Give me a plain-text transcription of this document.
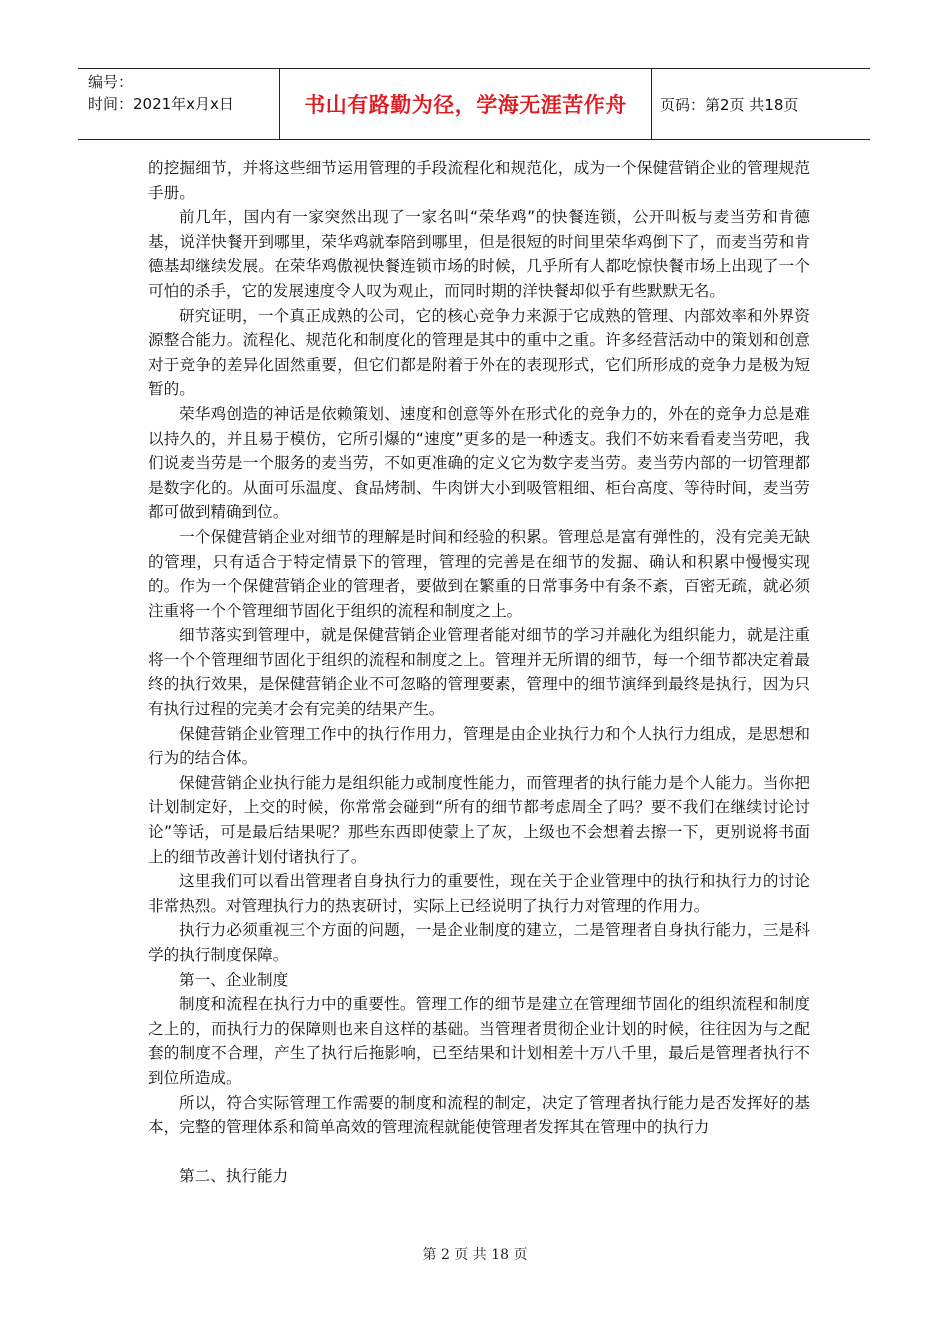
编号：
时间：2021年x月x日	书山有路勤为径，学海无涯苦作舟	页码：第2页 共18页

的挖掘细节，并将这些细节运用管理的手段流程化和规范化，成为一个保健营销企业的管理规范手册。

前几年，国内有一家突然出现了一家名叫“荣华鸡”的快餐连锁，公开叫板与麦当劳和肯德基，说洋快餐开到哪里，荣华鸡就奉陪到哪里，但是很短的时间里荣华鸡倒下了，而麦当劳和肯德基却继续发展。在荣华鸡傲视快餐连锁市场的时候，几乎所有人都吃惊快餐市场上出现了一个可怕的杀手，它的发展速度令人叹为观止，而同时期的洋快餐却似乎有些默默无名。

研究证明，一个真正成熟的公司，它的核心竞争力来源于它成熟的管理、内部效率和外界资源整合能力。流程化、规范化和制度化的管理是其中的重中之重。许多经营活动中的策划和创意对于竞争的差异化固然重要，但它们都是附着于外在的表现形式，它们所形成的竞争力是极为短暂的。

荣华鸡创造的神话是依赖策划、速度和创意等外在形式化的竞争力的，外在的竞争力总是难以持久的，并且易于模仿，它所引爆的“速度”更多的是一种透支。我们不妨来看看麦当劳吧，我们说麦当劳是一个服务的麦当劳，不如更准确的定义它为数字麦当劳。麦当劳内部的一切管理都是数字化的。从面可乐温度、食品烤制、牛肉饼大小到吸管粗细、柜台高度、等待时间，麦当劳都可做到精确到位。

一个保健营销企业对细节的理解是时间和经验的积累。管理总是富有弹性的，没有完美无缺的管理，只有适合于特定情景下的管理，管理的完善是在细节的发掘、确认和积累中慢慢实现的。作为一个保健营销企业的管理者，要做到在繁重的日常事务中有条不紊，百密无疏，就必须注重将一个个管理细节固化于组织的流程和制度之上。

细节落实到管理中，就是保健营销企业管理者能对细节的学习并融化为组织能力，就是注重将一个个管理细节固化于组织的流程和制度之上。管理并无所谓的细节，每一个细节都决定着最终的执行效果，是保健营销企业不可忽略的管理要素，管理中的细节演绎到最终是执行，因为只有执行过程的完美才会有完美的结果产生。

保健营销企业管理工作中的执行作用力，管理是由企业执行力和个人执行力组成，是思想和行为的结合体。

保健营销企业执行能力是组织能力或制度性能力，而管理者的执行能力是个人能力。当你把计划制定好，上交的时候，你常常会碰到“所有的细节都考虑周全了吗？要不我们在继续讨论讨论”等话，可是最后结果呢？那些东西即使蒙上了灰，上级也不会想着去擦一下，更别说将书面上的细节改善计划付诸执行了。

这里我们可以看出管理者自身执行力的重要性，现在关于企业管理中的执行和执行力的讨论非常热烈。对管理执行力的热衷研讨，实际上已经说明了执行力对管理的作用力。

执行力必须重视三个方面的问题，一是企业制度的建立，二是管理者自身执行能力，三是科学的执行制度保障。

第一、企业制度

制度和流程在执行力中的重要性。管理工作的细节是建立在管理细节固化的组织流程和制度之上的，而执行力的保障则也来自这样的基础。当管理者贯彻企业计划的时候，往往因为与之配套的制度不合理，产生了执行后拖影响，已至结果和计划相差十万八千里，最后是管理者执行不到位所造成。

所以，符合实际管理工作需要的制度和流程的制定，决定了管理者执行能力是否发挥好的基本，完整的管理体系和简单高效的管理流程就能使管理者发挥其在管理中的执行力

第二、执行能力

第 2 页 共 18 页
